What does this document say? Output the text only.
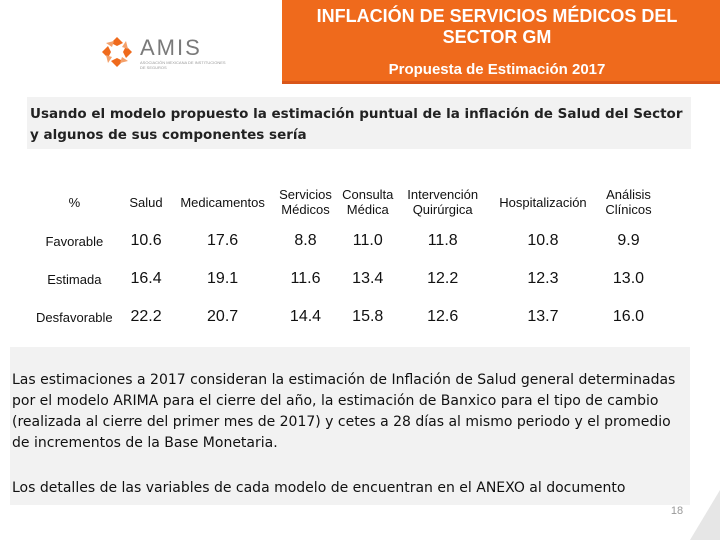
AMIS
ASOCIACIÓN MEXICANA DE INSTITUCIONES DE SEGUROS
INFLACIÓN DE SERVICIOS MÉDICOS DEL SECTOR GM
Propuesta de Estimación 2017
Usando el modelo propuesto la estimación puntual de la inflación de Salud del Sector y algunos de sus componentes sería
%	Salud	Medicamentos	Servicios Médicos	Consulta Médica	Intervención Quirúrgica	Hospitalización	Análisis Clínicos
Favorable	10.6	17.6	8.8	11.0	11.8	10.8	9.9
Estimada	16.4	19.1	11.6	13.4	12.2	12.3	13.0
Desfavorable	22.2	20.7	14.4	15.8	12.6	13.7	16.0
Las estimaciones a 2017 consideran la estimación de Inflación de Salud general determinadas por el modelo ARIMA para el cierre del año, la estimación de Banxico para el tipo de cambio (realizada al cierre del primer mes de 2017) y cetes a 28 días al mismo periodo y el promedio de incrementos de la Base Monetaria.
Los detalles de las variables de cada modelo de encuentran en el ANEXO al documento
18
